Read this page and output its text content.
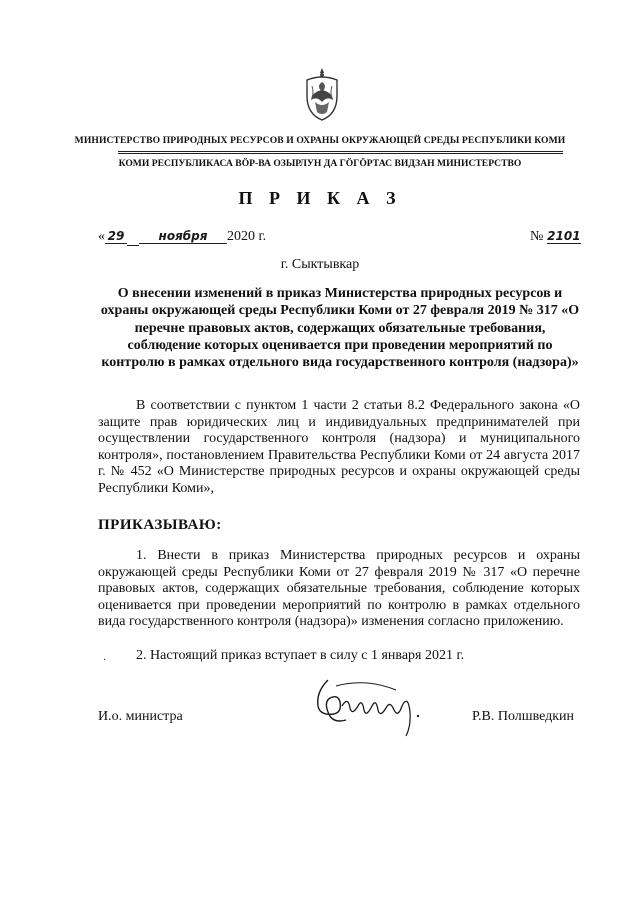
МИНИСТЕРСТВО ПРИРОДНЫХ РЕСУРСОВ И ОХРАНЫ ОКРУЖАЮЩЕЙ СРЕДЫ РЕСПУБЛИКИ КОМИ
КОМИ РЕСПУБЛИКАСА ВӦР-ВА ОЗЫРЛУН ДА ГӦГӦРТАС ВИДЗАН МИНИСТЕРСТВО
П Р И К А З
« 29	ноября 2020 г.	№ 2101
г. Сыктывкар
О внесении изменений в приказ Министерства природных ресурсов и охраны окружающей среды Республики Коми от 27 февраля 2019 № 317 «О перечне правовых актов, содержащих обязательные требования, соблюдение которых оценивается при проведении мероприятий по контролю в рамках отдельного вида государственного контроля (надзора)»
В соответствии с пунктом 1 части 2 статьи 8.2 Федерального закона «О защите прав юридических лиц и индивидуальных предпринимателей при осуществлении государственного контроля (надзора) и муниципального контроля», постановлением Правительства Республики Коми от 24 августа 2017 г. № 452 «О Министерстве природных ресурсов и охраны окружающей среды Республики Коми»,
ПРИКАЗЫВАЮ:
1. Внести в приказ Министерства природных ресурсов и охраны окружающей среды Республики Коми от 27 февраля 2019 № 317 «О перечне правовых актов, содержащих обязательные требования, соблюдение которых оценивается при проведении мероприятий по контролю в рамках отдельного вида государственного контроля (надзора)» изменения согласно приложению.
2. Настоящий приказ вступает в силу с 1 января 2021 г.
·
И.о. министра	Р.В. Полшведкин
